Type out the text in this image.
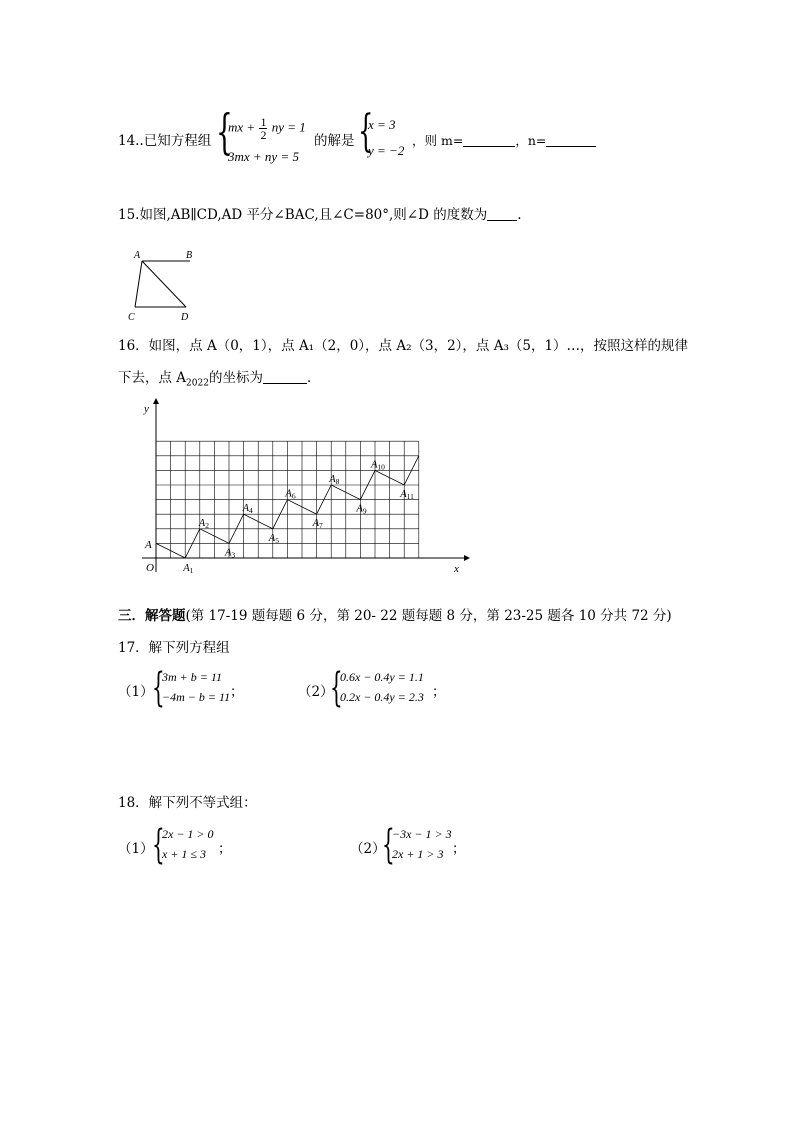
14..已知方程组 {
mx + $\frac{1}{2}$ ny = 1
3mx + ny = 5
的解是 {
x = 3
y = −2
，则 m=	，n=
15.如图,AB∥CD,AD 平分∠BAC,且∠C=80°,则∠D 的度数为 .
A	B
C	D
16．如图，点 A（0，1），点 A₁（2，0），点 A₂（3，2），点 A₃（5，1）…，按照这样的规律
下去，点 $A_{2022}$的坐标为	．
A1
A2
A3
A4
A5
A6
A7
A8
A9
A10
A11
y
x
O
A
三．解答题(第 17-19 题每题 6 分，第 20- 22 题每题 8 分，第 23-25 题各 10 分共 72 分)
17．解下列方程组
（1）
{
3m + b = 11
−4m − b = 11 ；	（2）
{
0.6x − 0.4y = 1.1
0.2x − 0.4y = 2.3 ；
18．解下列不等式组：
（1）
{
2x − 1 > 0
x + 1 ≤ 3 ；	（2）
{
−3x − 1 > 3
2x + 1 > 3 ；
